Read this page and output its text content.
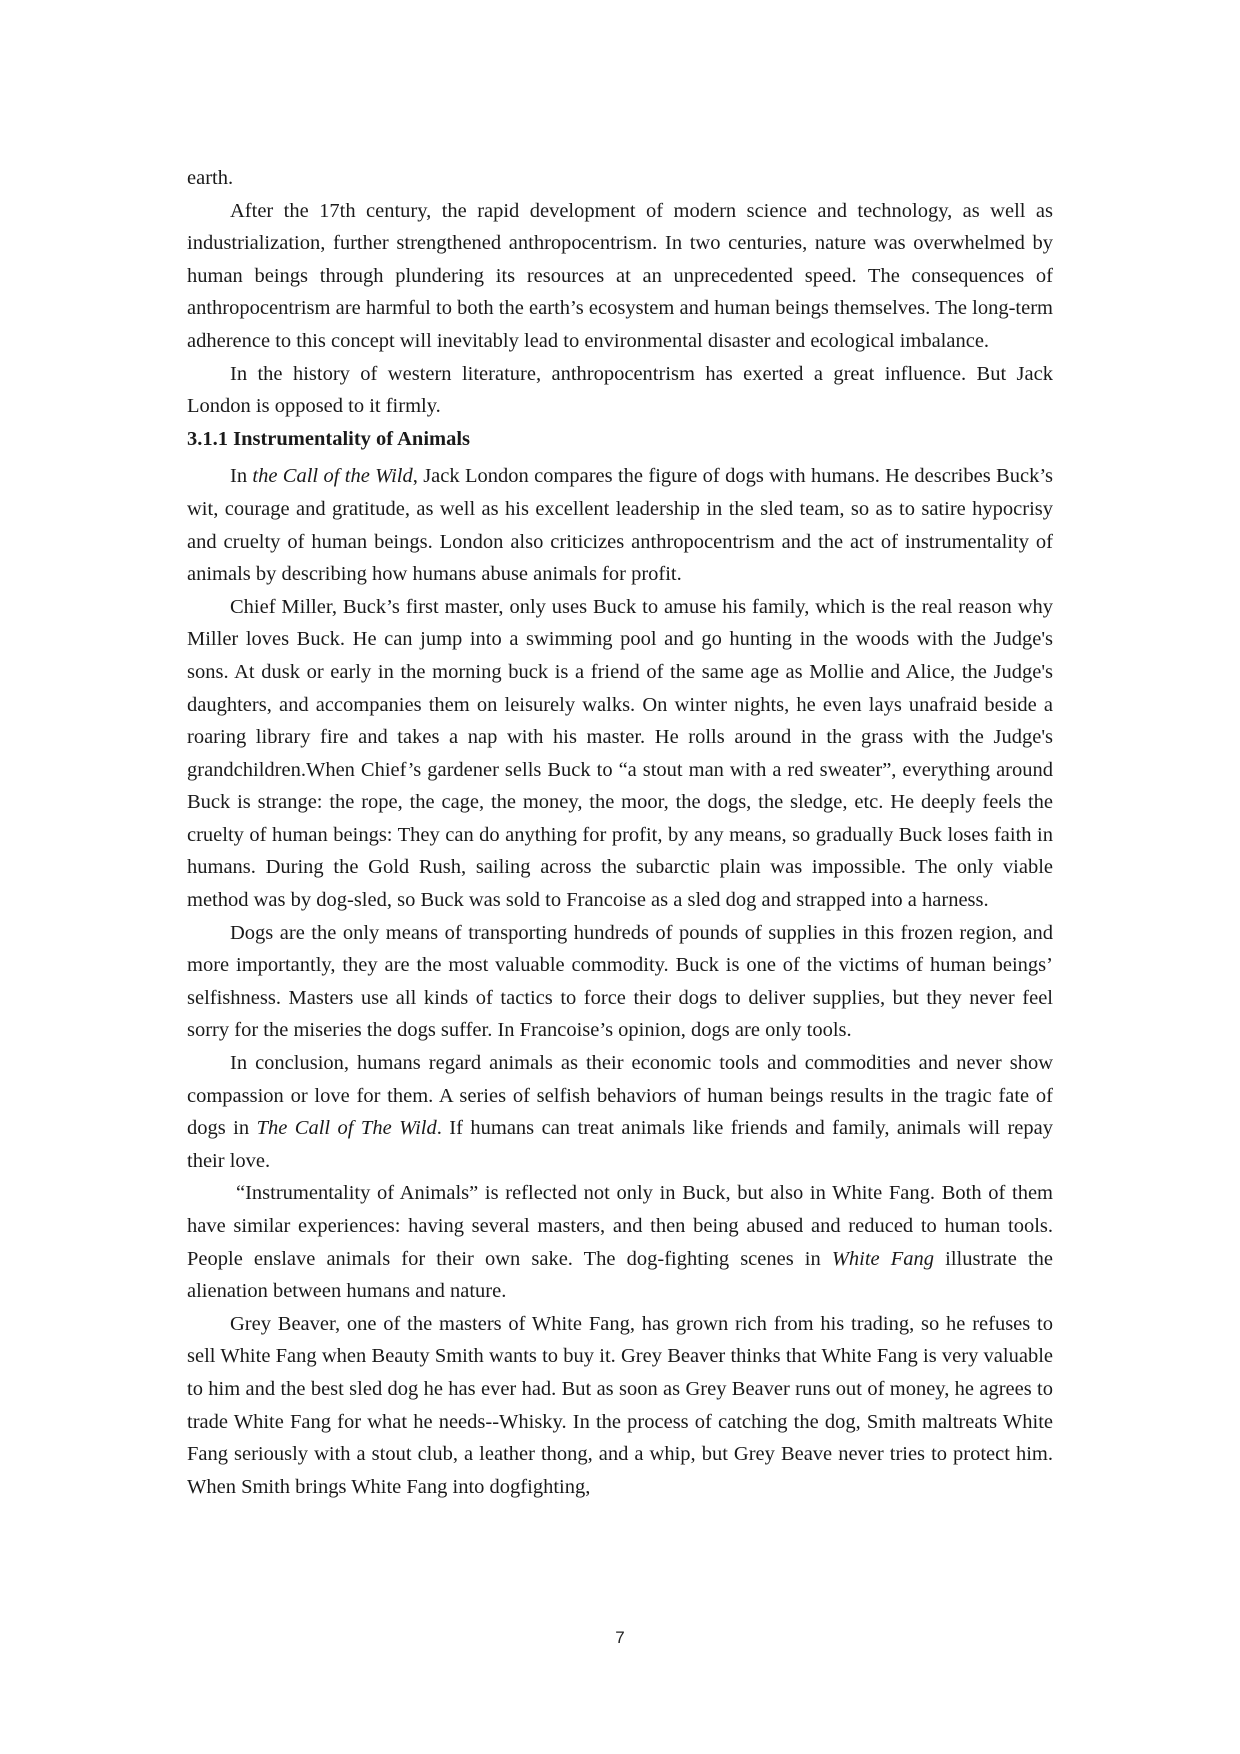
earth.

After the 17th century, the rapid development of modern science and technology, as well as industrialization, further strengthened anthropocentrism. In two centuries, nature was overwhelmed by human beings through plundering its resources at an unprecedented speed. The consequences of anthropocentrism are harmful to both the earth’s ecosystem and human beings themselves. The long-term adherence to this concept will inevitably lead to environmental disaster and ecological imbalance.

In the history of western literature, anthropocentrism has exerted a great influence. But Jack London is opposed to it firmly.

3.1.1 Instrumentality of Animals

In the Call of the Wild, Jack London compares the figure of dogs with humans. He describes Buck’s wit, courage and gratitude, as well as his excellent leadership in the sled team, so as to satire hypocrisy and cruelty of human beings. London also criticizes anthropocentrism and the act of instrumentality of animals by describing how humans abuse animals for profit.

Chief Miller, Buck’s first master, only uses Buck to amuse his family, which is the real reason why Miller loves Buck. He can jump into a swimming pool and go hunting in the woods with the Judge's sons. At dusk or early in the morning buck is a friend of the same age as Mollie and Alice, the Judge's daughters, and accompanies them on leisurely walks. On winter nights, he even lays unafraid beside a roaring library fire and takes a nap with his master. He rolls around in the grass with the Judge's grandchildren.When Chief’s gardener sells Buck to “a stout man with a red sweater”, everything around Buck is strange: the rope, the cage, the money, the moor, the dogs, the sledge, etc. He deeply feels the cruelty of human beings: They can do anything for profit, by any means, so gradually Buck loses faith in humans. During the Gold Rush, sailing across the subarctic plain was impossible. The only viable method was by dog-sled, so Buck was sold to Francoise as a sled dog and strapped into a harness.

Dogs are the only means of transporting hundreds of pounds of supplies in this frozen region, and more importantly, they are the most valuable commodity. Buck is one of the victims of human beings’ selfishness. Masters use all kinds of tactics to force their dogs to deliver supplies, but they never feel sorry for the miseries the dogs suffer. In Francoise’s opinion, dogs are only tools.

In conclusion, humans regard animals as their economic tools and commodities and never show compassion or love for them. A series of selfish behaviors of human beings results in the tragic fate of dogs in The Call of The Wild. If humans can treat animals like friends and family, animals will repay their love.

“Instrumentality of Animals” is reflected not only in Buck, but also in White Fang. Both of them have similar experiences: having several masters, and then being abused and reduced to human tools. People enslave animals for their own sake. The dog-fighting scenes in White Fang illustrate the alienation between humans and nature.

Grey Beaver, one of the masters of White Fang, has grown rich from his trading, so he refuses to sell White Fang when Beauty Smith wants to buy it. Grey Beaver thinks that White Fang is very valuable to him and the best sled dog he has ever had. But as soon as Grey Beaver runs out of money, he agrees to trade White Fang for what he needs--Whisky. In the process of catching the dog, Smith maltreats White Fang seriously with a stout club, a leather thong, and a whip, but Grey Beave never tries to protect him. When Smith brings White Fang into dogfighting,

7
